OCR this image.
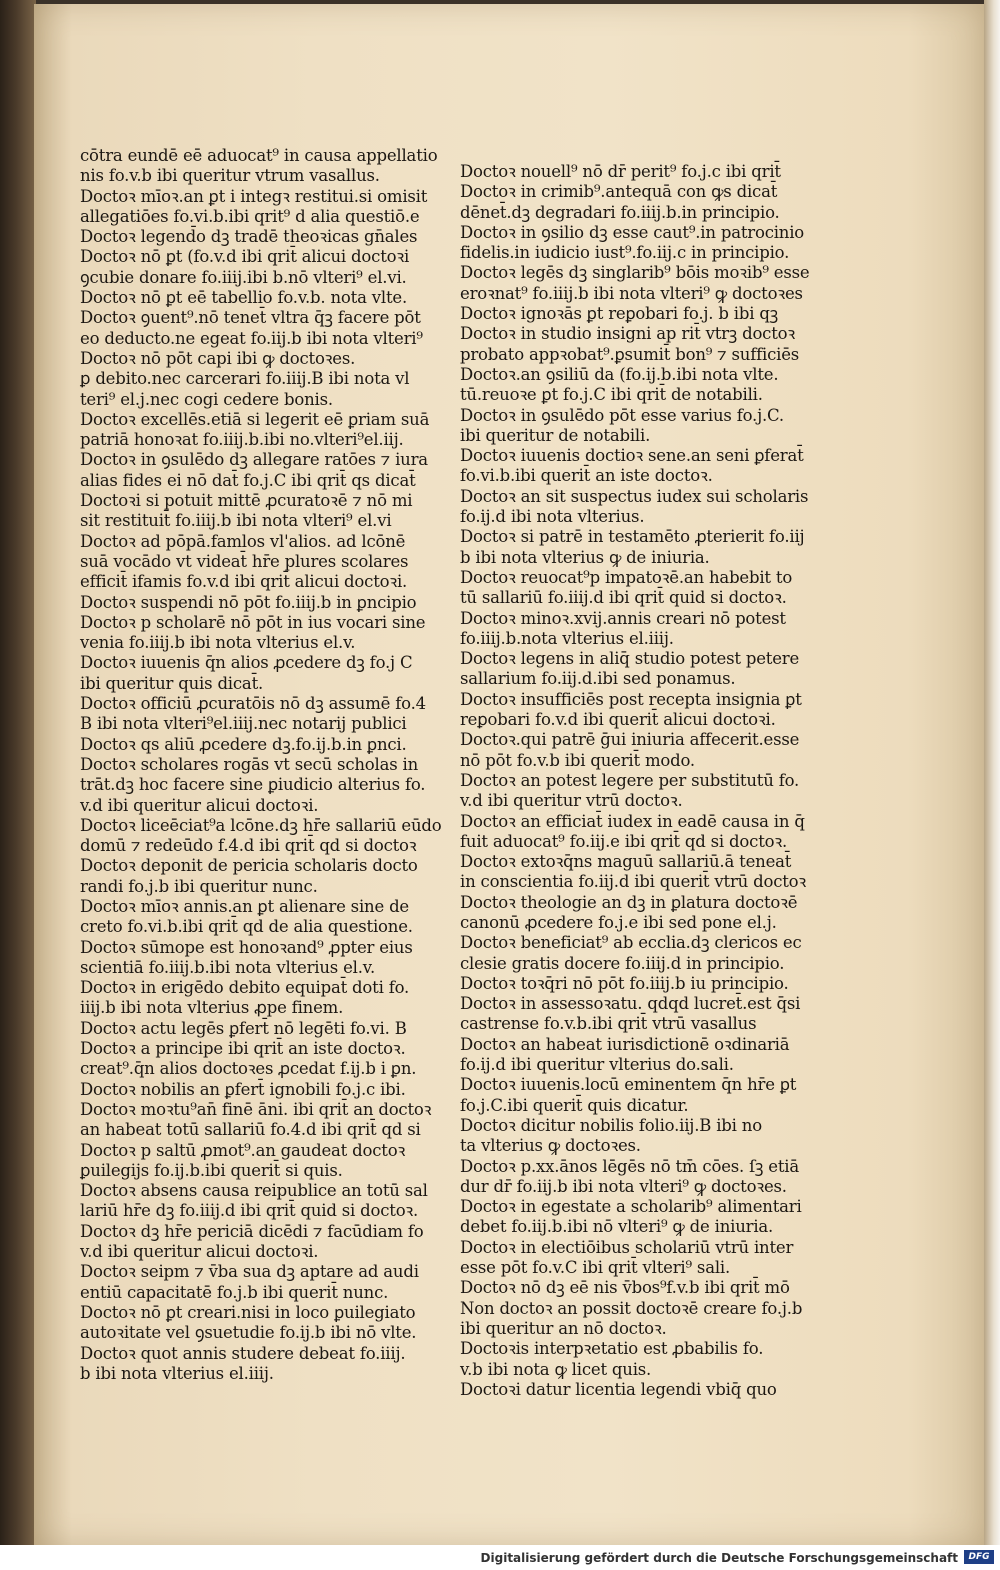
cōtra eundē eē aduocat⁹ in causa appellatio
nis fo.v.b ibi queritur vtrum vasallus.
Doctoꝛ mīoꝛ.an ꝑt i integꝛ restitui.si omisit
allegatiōes fo.vi.b.ibi qrit⁹ d alia questiō.e
Doctoꝛ legend̄o dꝫ tradē theoꝛicas gn̄ales
Doctoꝛ nō ꝑt (fo.v.d ibi qrit̄ alicui doctoꝛi
ꝯcubie donare fo.iiij.ibi b.nō vlteri⁹ el.vi.
Doctoꝛ nō ꝑt eē tabellio fo.v.b. nota vlte.
Doctoꝛ ꝯuent⁹.nō tenet̄ vltra q̄ꝫ facere pōt
eo deducto.ne egeat fo.iij.b ibi nota vlteri⁹
Doctoꝛ nō pōt capi ibi ꝙ doctoꝛes.
ꝑ debito.nec carcerari fo.iiij.B ibi nota vl
teri⁹ el.j.nec cogi cedere bonis.
Doctoꝛ excellēs.etiā si legerit eē ꝑriam suā
patriā honoꝛat fo.iiij.b.ibi no.vlteri⁹el.iij.
Doctoꝛ in ꝯsulēdo dꝫ allegare ratōes ⁊ iura
alias fides ei nō dat̄ fo.j.C ibi qrit̄ qs dicat̄
Doctoꝛi si potuit mittē ꝓcuratoꝛē ⁊ nō mi
sit restituit̄ fo.iiij.b ibi nota vlteri⁹ el.vi
Doctoꝛ ad pōpā.famlos vl'alios. ad lcōnē
suā vocādo vt videat̄ hr̄e plures scolares
efficit̄ ifamis fo.v.d ibi qrit̄ alicui doctoꝛi.
Doctoꝛ suspendi nō pōt fo.iiij.b in ꝑncipio
Doctoꝛ p scholarē nō pōt in ius vocari sine
venia fo.iiij.b ibi nota vlterius el.v.
Doctoꝛ iuuenis q̄n alios ꝓcedere dꝫ fo.j C
ibi queritur quis dicat̄.
Doctoꝛ officiū ꝓcuratōis nō dꝫ assumē fo.4
B ibi nota vlteri⁹el.iiij.nec notarij publici
Doctoꝛ qs aliū ꝓcedere dꝫ.fo.ij.b.in ꝑnci.
Doctoꝛ scholares rogās vt secū scholas in
trāt.dꝫ hoc facere sine ꝑiudicio alterius fo.
v.d ibi queritur alicui doctoꝛi.
Doctoꝛ liceēciat⁹a lcōne.dꝫ hr̄e sallariū eūdo
domū ⁊ redeūdo f.4.d ibi qrit̄ qd si doctoꝛ
Doctoꝛ deponit de pericia scholaris docto
randi fo.j.b ibi queritur nunc.
Doctoꝛ mīoꝛ annis.an ꝑt alienare sine de
creto fo.vi.b.ibi qrit̄ qd de alia questione.
Doctoꝛ sūmope est honoꝛand⁹ ꝓpter eius
scientiā fo.iiij.b.ibi nota vlterius el.v.
Doctoꝛ in erigēdo debito equipat̄ doti fo.
iiij.b ibi nota vlterius ꝓpe finem.
Doctoꝛ actu legēs ꝑfert̄ nō legēti fo.vi. B
Doctoꝛ a principe ibi qrit̄ an iste doctoꝛ.
creat⁹.q̄n alios doctoꝛes ꝓcedat f.ij.b i ꝑn.
Doctoꝛ nobilis an ꝑfert̄ ignobili fo.j.c ibi.
Doctoꝛ moꝛtu⁹an̄ finē āni. ibi qrit̄ an doctoꝛ
an habeat totū sallariū fo.4.d ibi qrit̄ qd si
Doctoꝛ p saltū ꝓmot⁹.an gaudeat doctoꝛ
ꝑuilegijs fo.ij.b.ibi querit̄ si quis.
Doctoꝛ absens causa reipublice an totū sal
lariū hr̄e dꝫ fo.iiij.d ibi qrit̄ quid si doctoꝛ.
Doctoꝛ dꝫ hr̄e periciā dicēdi ⁊ facūdiam fo
v.d ibi queritur alicui doctoꝛi.
Doctoꝛ seipm ⁊ v̄ba sua dꝫ aptare ad audi
entiū capacitatē fo.j.b ibi querit̄ nunc.
Doctoꝛ nō ꝑt creari.nisi in loco ꝑuilegiato
autoꝛitate vel ꝯsuetudie fo.ij.b ibi nō vlte.
Doctoꝛ quot annis studere debeat fo.iiij.
b ibi nota vlterius el.iiij.
Doctoꝛ nouell⁹ nō dr̄ perit⁹ fo.j.c ibi qrit̄
Doctoꝛ in crimib⁹.antequā con ꝙs dicat̄
dēnet̄.dꝫ degradari fo.iiij.b.in principio.
Doctoꝛ in ꝯsilio dꝫ esse caut⁹.in patrocinio
fidelis.in iudicio iust⁹.fo.iij.c in principio.
Doctoꝛ legēs dꝫ singlarib⁹ bōis moꝛib⁹ esse
eroꝛnat⁹ fo.iiij.b ibi nota vlteri⁹ ꝙ doctoꝛes
Doctoꝛ ignoꝛās ꝑt reꝑobari fo.j. b ibi qꝫ
Doctoꝛ in studio insigni ap rit̄ vtrꝫ doctoꝛ
probato appꝛobat⁹.ꝑsumit̄ bon⁹ ⁊ sufficiēs
Doctoꝛ.an ꝯsiliū da (fo.ij.b.ibi nota vlte.
tū.reuoꝛe ꝑt fo.j.C ibi qrit̄ de notabili.
Doctoꝛ in ꝯsulēdo pōt esse varius fo.j.C.
ibi queritur de notabili.
Doctoꝛ iuuenis doctioꝛ sene.an seni ꝑferat̄
fo.vi.b.ibi querit̄ an iste doctoꝛ.
Doctoꝛ an sit suspectus iudex sui scholaris
fo.ij.d ibi nota vlterius.
Doctoꝛ si patrē in testamēto ꝓterierit fo.iij
b ibi nota vlterius ꝙ de iniuria.
Doctoꝛ reuocat⁹p impatoꝛē.an habebit to
tū sallariū fo.iiij.d ibi qrit̄ quid si doctoꝛ.
Doctoꝛ minoꝛ.xvij.annis creari nō potest
fo.iiij.b.nota vlterius el.iiij.
Doctoꝛ legens in aliq̄ studio potest petere
sallarium fo.iij.d.ibi sed ponamus.
Doctoꝛ insufficiēs post recepta insignia ꝑt
reꝑobari fo.v.d ibi querit̄ alicui doctoꝛi.
Doctoꝛ.qui patrē ḡui iniuria affecerit.esse
nō pōt fo.v.b ibi querit̄ modo.
Doctoꝛ an potest legere per substitutū fo.
v.d ibi queritur vtrū doctoꝛ.
Doctoꝛ an efficiat̄ iudex in eadē causa in q̄
fuit aduocat⁹ fo.iij.e ibi qrit̄ qd si doctoꝛ.
Doctoꝛ extoꝛq̄ns maguū sallariū.ā teneat̄
in conscientia fo.iij.d ibi querit̄ vtrū doctoꝛ
Doctoꝛ theologie an dꝫ in ꝑlatura doctoꝛē
canonū ꝓcedere fo.j.e ibi sed pone el.j.
Doctoꝛ beneficiat⁹ ab ecclia.dꝫ clericos ec
clesie gratis docere fo.iiij.d in principio.
Doctoꝛ toꝛq̄ri nō pōt fo.iiij.b iu principio.
Doctoꝛ in assessoꝛatu. qdqd lucret̄.est q̄si
castrense fo.v.b.ibi qrit̄ vtrū vasallus
Doctoꝛ an habeat iurisdictionē oꝛdinariā
fo.ij.d ibi queritur vlterius do.sali.
Doctoꝛ iuuenis.locū eminentem q̄n hr̄e ꝑt
fo.j.C.ibi querit̄ quis dicatur.
Doctoꝛ dicitur nobilis folio.iij.B ibi no
ta vlterius ꝙ doctoꝛes.
Doctoꝛ p.xx.ānos lēgēs nō tm̄ cōes. ſꝫ etiā
dur dr̄ fo.iij.b ibi nota vlteri⁹ ꝙ doctoꝛes.
Doctoꝛ in egestate a scholarib⁹ alimentari
debet fo.iij.b.ibi nō vlteri⁹ ꝙ de iniuria.
Doctoꝛ in electiōibus scholariū vtrū inter
esse pōt fo.v.C ibi qrit̄ vlteri⁹ sali.
Doctoꝛ nō dꝫ eē nis v̄bos⁹f.v.b ibi qrit̄ mō
Non doctoꝛ an possit doctoꝛē creare fo.j.b
ibi queritur an nō doctoꝛ.
Doctoꝛis interpꝛetatio est ꝓbabilis fo.
v.b ibi nota ꝙ licet quis.
Doctoꝛi datur licentia legendi vbiq̄ quo
Digitalisierung gefördert durch die Deutsche Forschungsgemeinschaft	DFG
